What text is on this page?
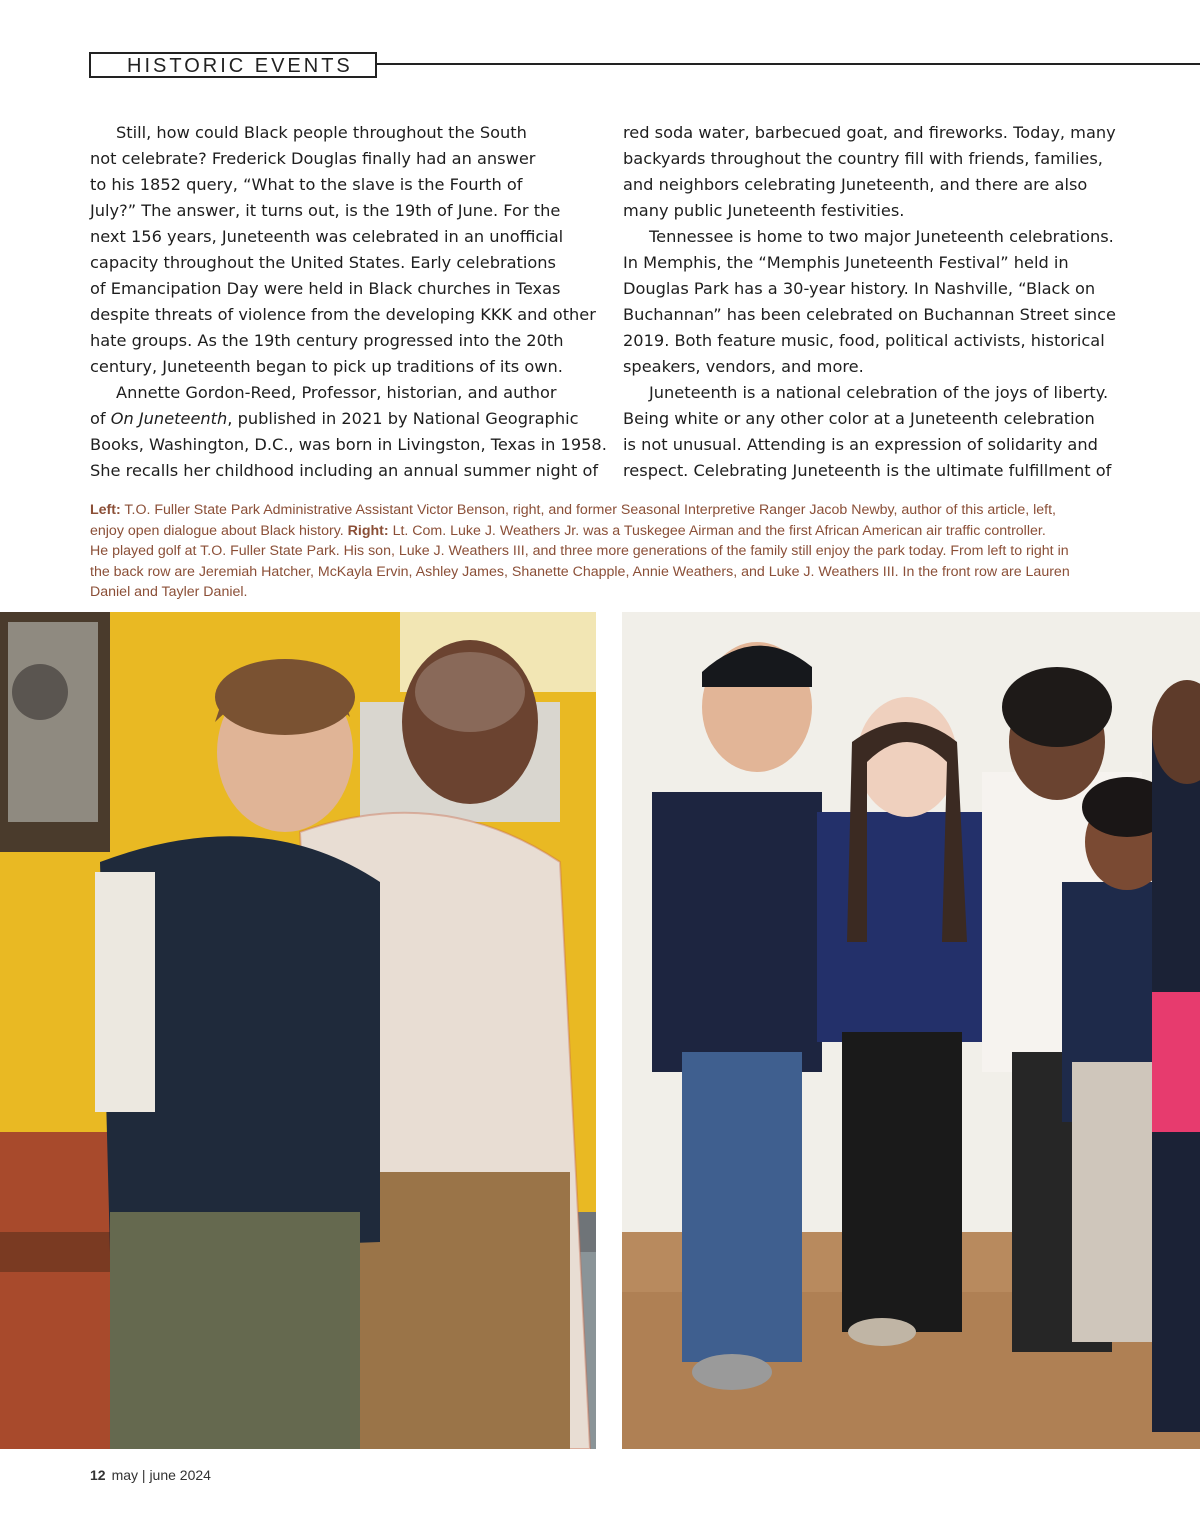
HISTORIC EVENTS
Still, how could Black people throughout the South
not celebrate? Frederick Douglas finally had an answer
to his 1852 query, “What to the slave is the Fourth of
July?” The answer, it turns out, is the 19th of June. For the
next 156 years, Juneteenth was celebrated in an unofficial
capacity throughout the United States. Early celebrations
of Emancipation Day were held in Black churches in Texas
despite threats of violence from the developing KKK and other
hate groups. As the 19th century progressed into the 20th
century, Juneteenth began to pick up traditions of its own.
Annette Gordon-Reed, Professor, historian, and author
of On Juneteenth, published in 2021 by National Geographic
Books, Washington, D.C., was born in Livingston, Texas in 1958.
She recalls her childhood including an annual summer night of
red soda water, barbecued goat, and fireworks. Today, many
backyards throughout the country fill with friends, families,
and neighbors celebrating Juneteenth, and there are also
many public Juneteenth festivities.
Tennessee is home to two major Juneteenth celebrations.
In Memphis, the “Memphis Juneteenth Festival” held in
Douglas Park has a 30-year history. In Nashville, “Black on
Buchannan” has been celebrated on Buchannan Street since
2019. Both feature music, food, political activists, historical
speakers, vendors, and more.
Juneteenth is a national celebration of the joys of liberty.
Being white or any other color at a Juneteenth celebration
is not unusual. Attending is an expression of solidarity and
respect. Celebrating Juneteenth is the ultimate fulfillment of
Left: T.O. Fuller State Park Administrative Assistant Victor Benson, right, and former Seasonal Interpretive Ranger Jacob Newby, author of this article, left,
enjoy open dialogue about Black history. Right: Lt. Com. Luke J. Weathers Jr. was a Tuskegee Airman and the first African American air traffic controller.
He played golf at T.O. Fuller State Park. His son, Luke J. Weathers III, and three more generations of the family still enjoy the park today. From left to right in
the back row are Jeremiah Hatcher, McKayla Ervin, Ashley James, Shanette Chapple, Annie Weathers, and Luke J. Weathers III. In the front row are Lauren
Daniel and Tayler Daniel.
12 may | june 2024
